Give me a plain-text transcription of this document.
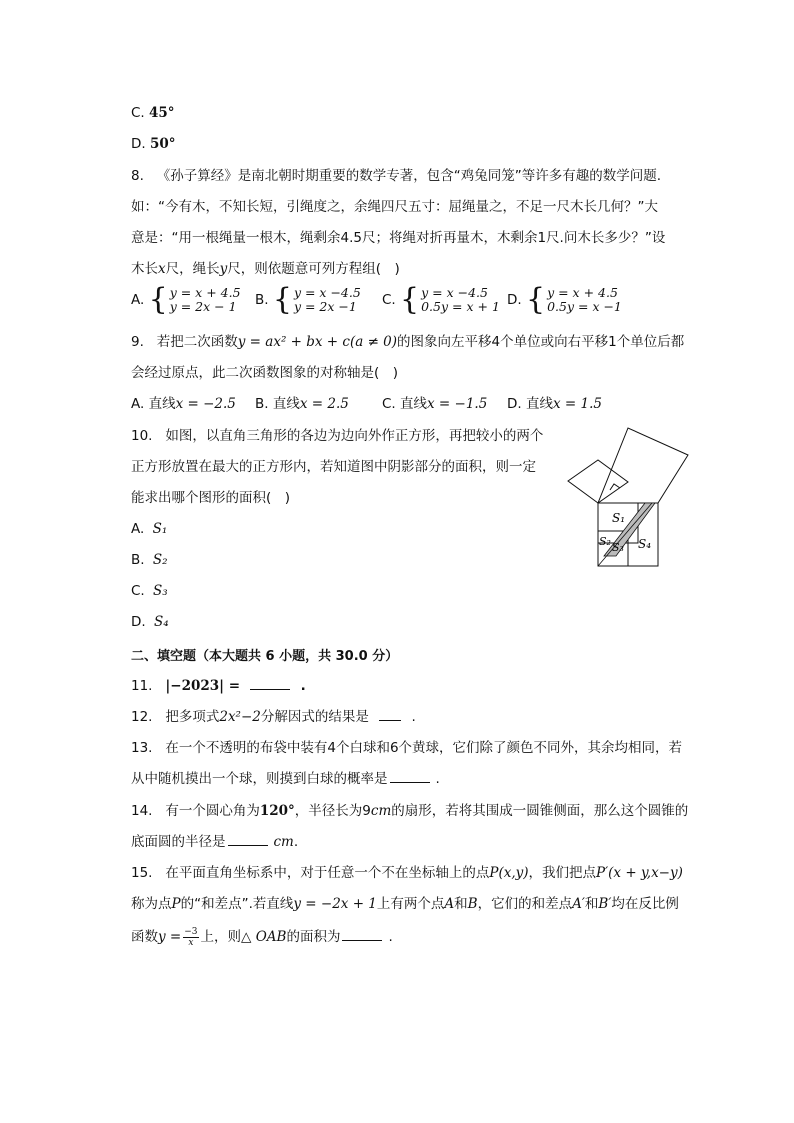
C. 45°
D. 50°
8. 《孙子算经》是南北朝时期重要的数学专著，包含“鸡兔同笼”等许多有趣的数学问题.
如：“今有木，不知长短，引绳度之，余绳四尺五寸：屈绳量之，不足一尺木长几何？”大
意是：“用一根绳量一根木，绳剩余4.5尺；将绳对折再量木，木剩余1尺.问木长多少？”设
木长x尺，绳长y尺，则依题意可列方程组(　)
A. { y = x + 4.5
y = 2x − 1 B. { y = x −4.5
y = 2x −1 C. { y = x −4.5
0.5y = x + 1 D. { y = x + 4.5
0.5y = x −1
9. 若把二次函数y = ax² + bx + c(a ≠ 0)的图象向左平移4个单位或向右平移1个单位后都
会经过原点，此二次函数图象的对称轴是(　)
A. 直线x = −2.5 B. 直线x = 2.5 C. 直线x = −1.5 D. 直线x = 1.5
10. 如图，以直角三角形的各边为边向外作正方形，再把较小的两个
正方形放置在最大的正方形内，若知道图中阴影部分的面积，则一定
能求出哪个图形的面积(　)
A. S₁
B. S₂
C. S₃
D. S₄
S₁
S₂ S₃ S₄
二、填空题（本大题共 6 小题，共 30.0 分）
11. |−2023| =	.
12. 把多项式2x²−2分解因式的结果是	.
13. 在一个不透明的布袋中装有4个白球和6个黄球，它们除了颜色不同外，其余均相同，若
从中随机摸出一个球，则摸到白球的概率是	.
14. 有一个圆心角为120°，半径长为9cm的扇形，若将其围成一圆锥侧面，那么这个圆锥的
底面圆的半径是	cm.
15. 在平面直角坐标系中，对于任意一个不在坐标轴上的点P(x,y)，我们把点P′(x + y,x−y)
称为点P的“和差点”.若直线y = −2x + 1上有两个点A和B，它们的和差点A′和B′均在反比例
函数$y = \frac{-3}{x}$ 上，则△ OAB的面积为	.
